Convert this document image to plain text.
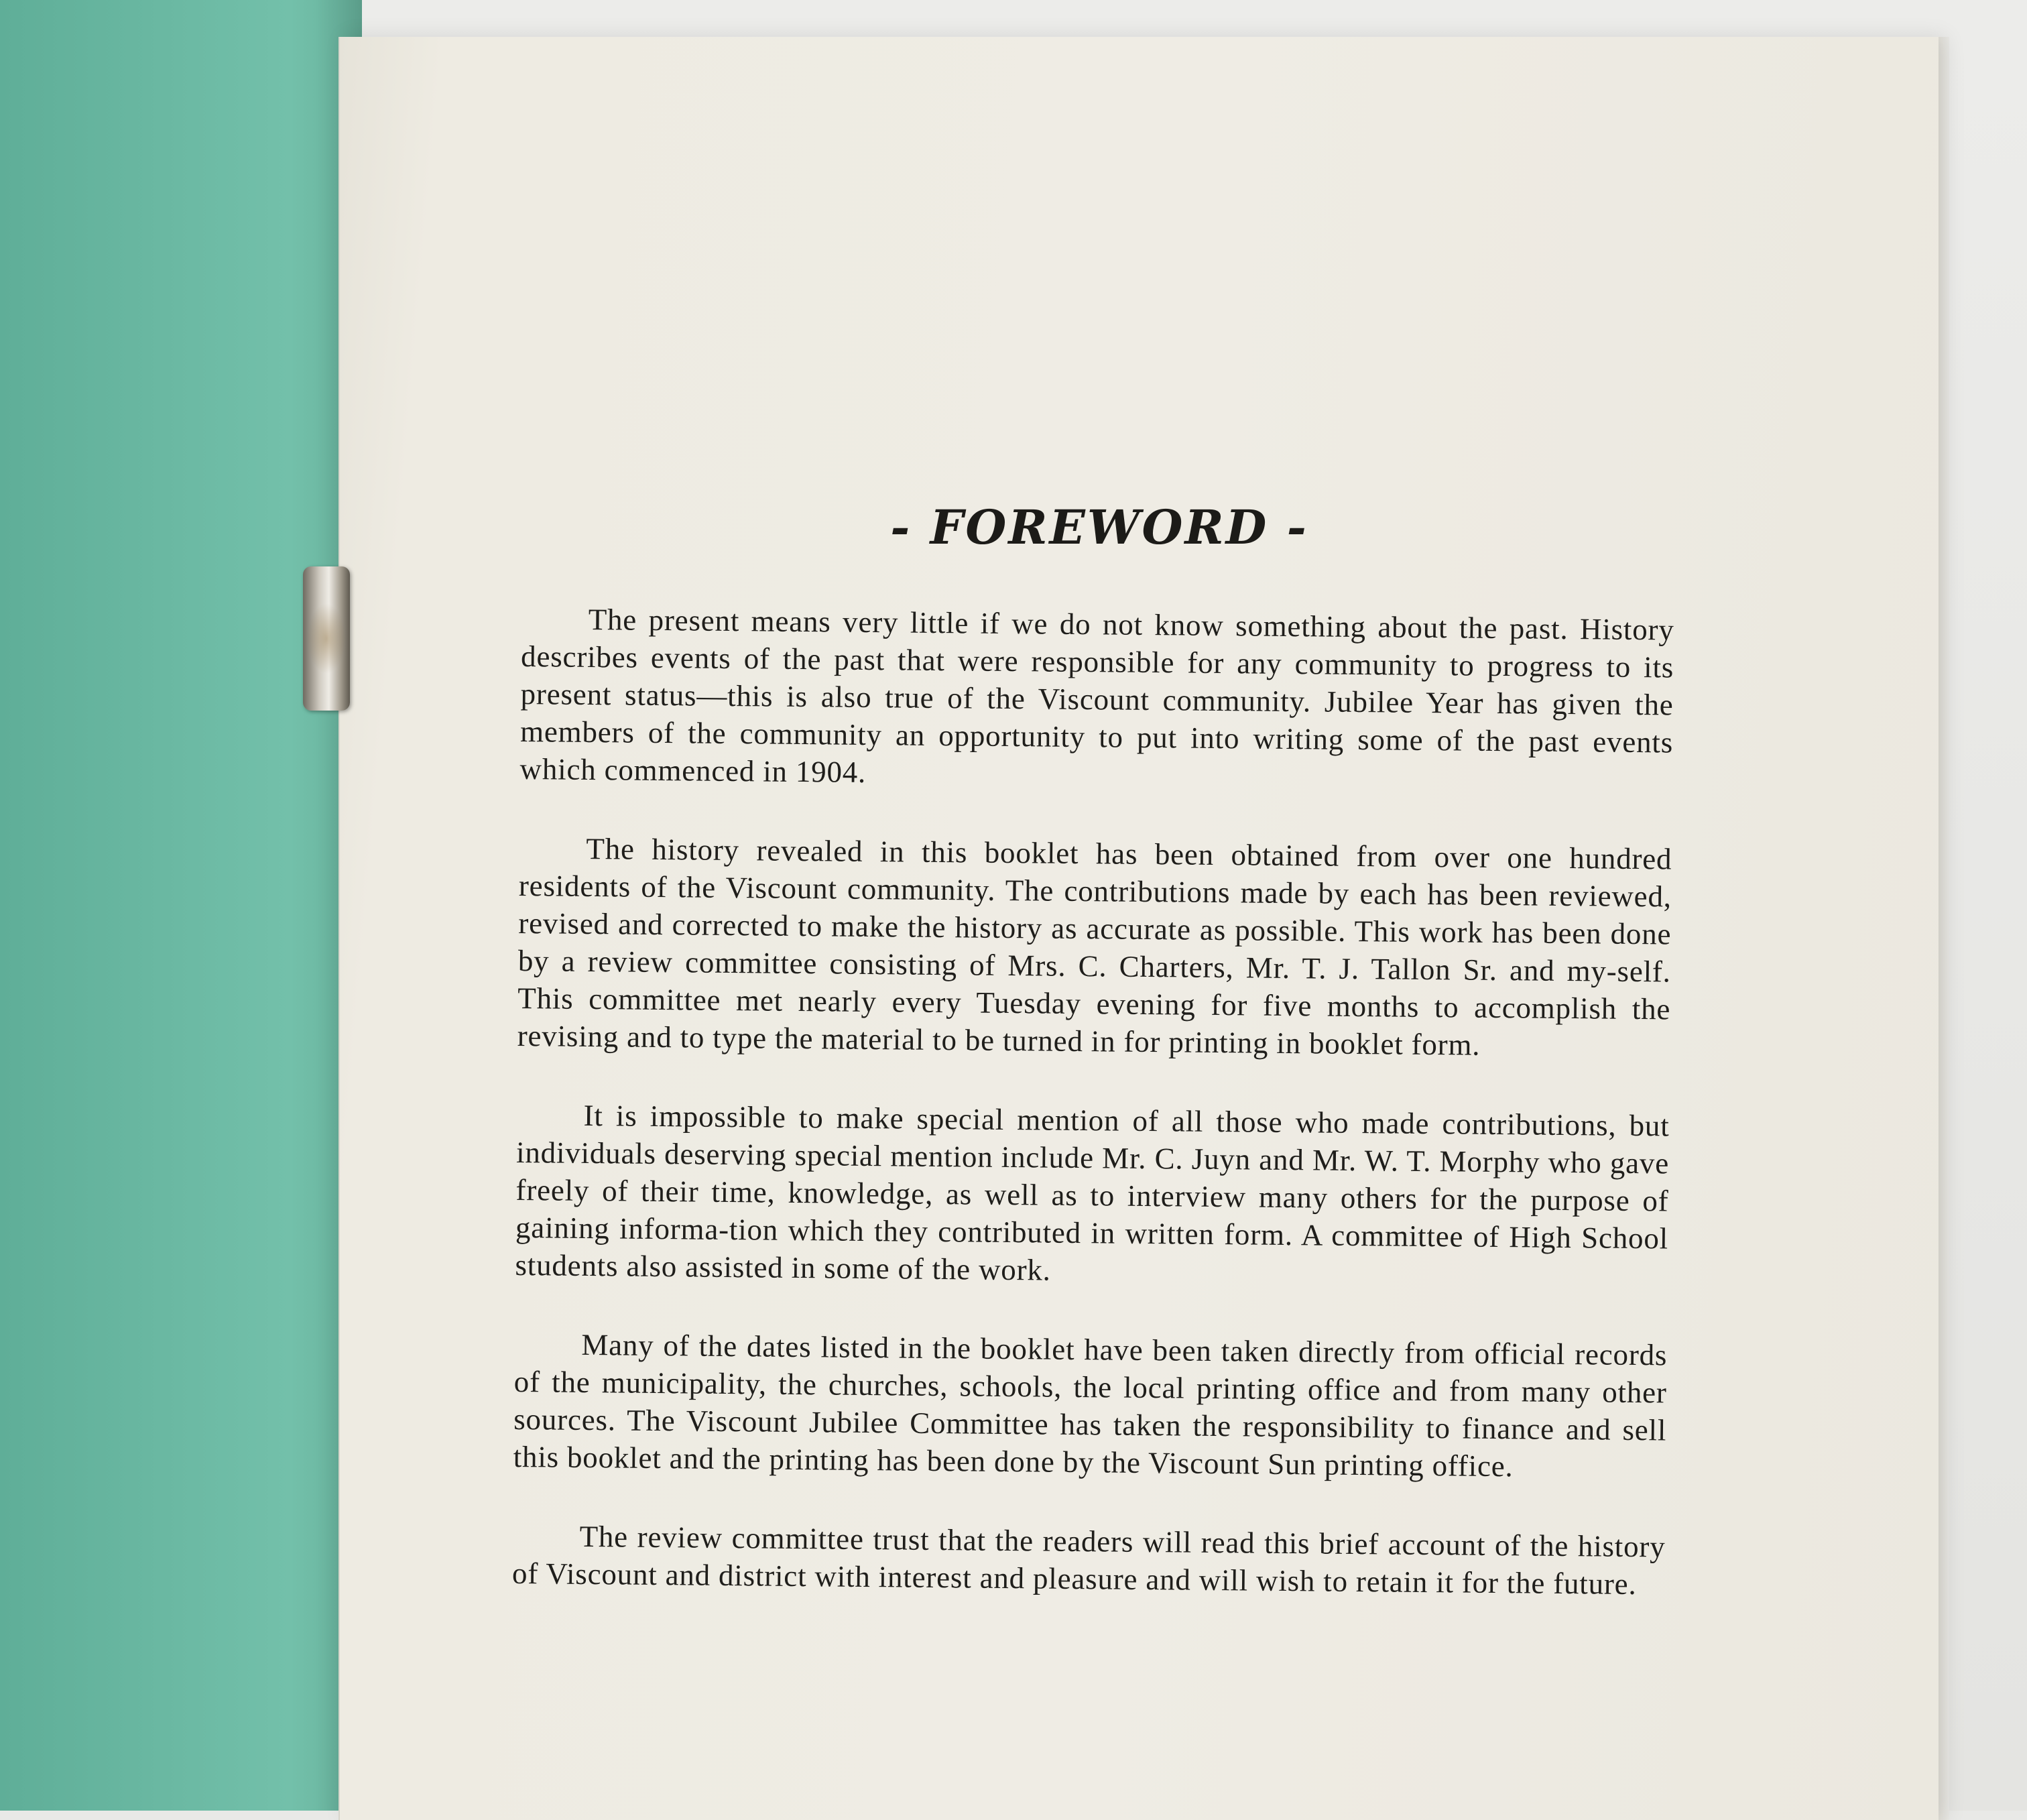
- FOREWORD -

The present means very little if we do not know something about the past. History describes events of the past that were responsible for any community to progress to its present status—this is also true of the Viscount community. Jubilee Year has given the members of the community an opportunity to put into writing some of the past events which commenced in 1904.

The history revealed in this booklet has been obtained from over one hundred residents of the Viscount community. The contributions made by each has been reviewed, revised and corrected to make the history as accurate as possible. This work has been done by a review committee consisting of Mrs. C. Charters, Mr. T. J. Tallon Sr. and my-self. This committee met nearly every Tuesday evening for five months to accomplish the revising and to type the material to be turned in for printing in booklet form.

It is impossible to make special mention of all those who made contributions, but individuals deserving special mention include Mr. C. Juyn and Mr. W. T. Morphy who gave freely of their time, knowledge, as well as to interview many others for the purpose of gaining informa-tion which they contributed in written form. A committee of High School students also assisted in some of the work.

Many of the dates listed in the booklet have been taken directly from official records of the municipality, the churches, schools, the local printing office and from many other sources. The Viscount Jubilee Committee has taken the responsibility to finance and sell this booklet and the printing has been done by the Viscount Sun printing office.

The review committee trust that the readers will read this brief account of the history of Viscount and district with interest and pleasure and will wish to retain it for the future.
